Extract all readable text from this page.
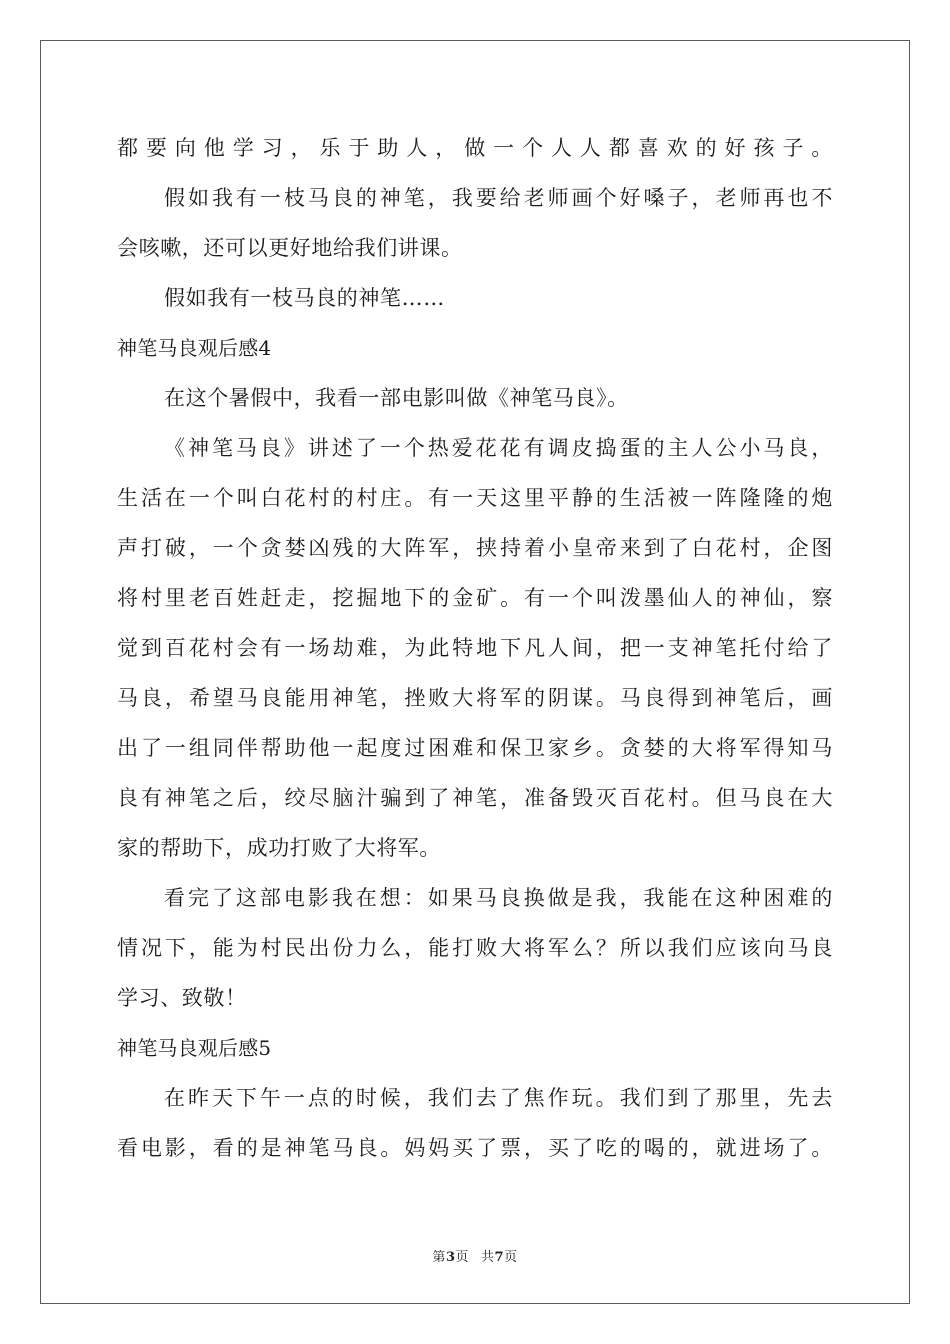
都要向他学习，乐于助人，做一个人人都喜欢的好孩子。
假如我有一枝马良的神笔，我要给老师画个好嗓子，老师再也不
会咳嗽，还可以更好地给我们讲课。
假如我有一枝马良的神笔……
神笔马良观后感4
在这个暑假中，我看一部电影叫做《神笔马良》。
《神笔马良》讲述了一个热爱花花有调皮捣蛋的主人公小马良，
生活在一个叫白花村的村庄。有一天这里平静的生活被一阵隆隆的炮
声打破，一个贪婪凶残的大阵军，挟持着小皇帝来到了白花村，企图
将村里老百姓赶走，挖掘地下的金矿。有一个叫泼墨仙人的神仙，察
觉到百花村会有一场劫难，为此特地下凡人间，把一支神笔托付给了
马良，希望马良能用神笔，挫败大将军的阴谋。马良得到神笔后，画
出了一组同伴帮助他一起度过困难和保卫家乡。贪婪的大将军得知马
良有神笔之后，绞尽脑汁骗到了神笔，准备毁灭百花村。但马良在大
家的帮助下，成功打败了大将军。
看完了这部电影我在想：如果马良换做是我，我能在这种困难的
情况下，能为村民出份力么，能打败大将军么？所以我们应该向马良
学习、致敬！
神笔马良观后感5
在昨天下午一点的时候，我们去了焦作玩。我们到了那里，先去
看电影，看的是神笔马良。妈妈买了票，买了吃的喝的，就进场了。
第3页 共7页
